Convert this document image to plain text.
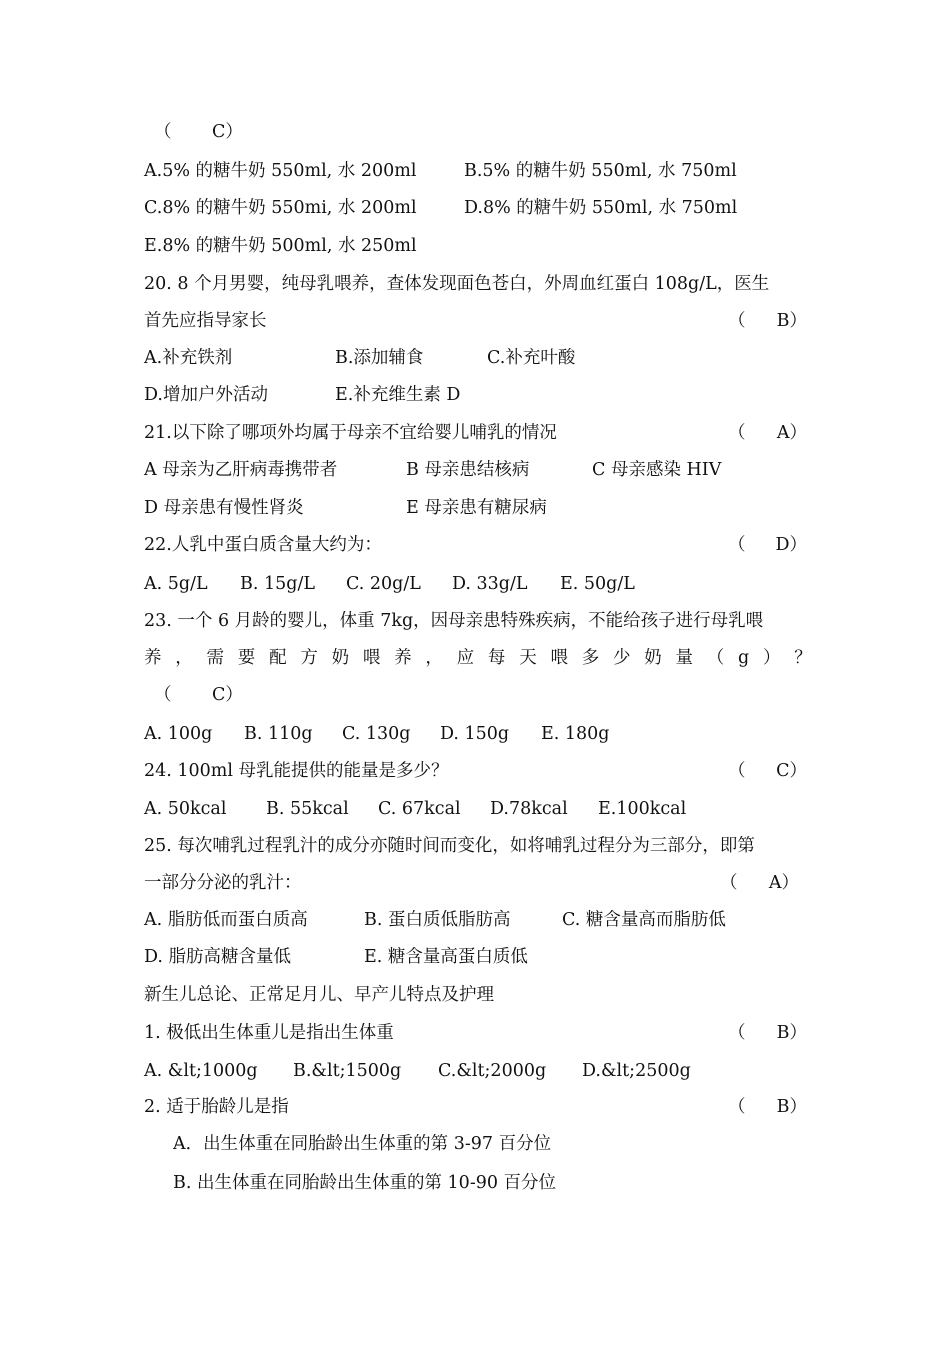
（ C）
A.5% 的糖牛奶 550ml, 水 200ml	B.5% 的糖牛奶 550ml, 水 750ml
C.8% 的糖牛奶 550mi, 水 200ml	D.8% 的糖牛奶 550ml, 水 750ml
E.8% 的糖牛奶 500ml, 水 250ml
20. 8 个月男婴，纯母乳喂养，查体发现面色苍白，外周血红蛋白 108g/L，医生
首先应指导家长	（ B）
A.补充铁剂	B.添加辅食	C.补充叶酸
D.增加户外活动	E.补充维生素 D
21.以下除了哪项外均属于母亲不宜给婴儿哺乳的情况	（ A）
A 母亲为乙肝病毒携带者	B 母亲患结核病	C 母亲感染 HIV
D 母亲患有慢性肾炎	E 母亲患有糖尿病
22.人乳中蛋白质含量大约为：	（ D）
A. 5g/L B. 15g/L C. 20g/L D. 33g/L E. 50g/L
23. 一个 6 月龄的婴儿，体重 7kg，因母亲患特殊疾病，不能给孩子进行母乳喂
养 ， 需 要 配 方 奶 喂 养 ， 应 每 天 喂 多 少 奶 量 （ g ） ？
（ C）
A. 100g B. 110g C. 130g D. 150g E. 180g
24. 100ml 母乳能提供的能量是多少？	（ C）
A. 50kcal B. 55kcal C. 67kcal D.78kcal E.100kcal
25. 每次哺乳过程乳汁的成分亦随时间而变化，如将哺乳过程分为三部分，即第
一部分分泌的乳汁：	（ A）
A. 脂肪低而蛋白质高	B. 蛋白质低脂肪高	C. 糖含量高而脂肪低
D. 脂肪高糖含量低	E. 糖含量高蛋白质低
新生儿总论、正常足月儿、早产儿特点及护理
1. 极低出生体重儿是指出生体重	（ B）
A. &lt;1000g B.&lt;1500g C.&lt;2000g D.&lt;2500g
2. 适于胎龄儿是指	（ B）
A．出生体重在同胎龄出生体重的第 3-97 百分位
B. 出生体重在同胎龄出生体重的第 10-90 百分位
